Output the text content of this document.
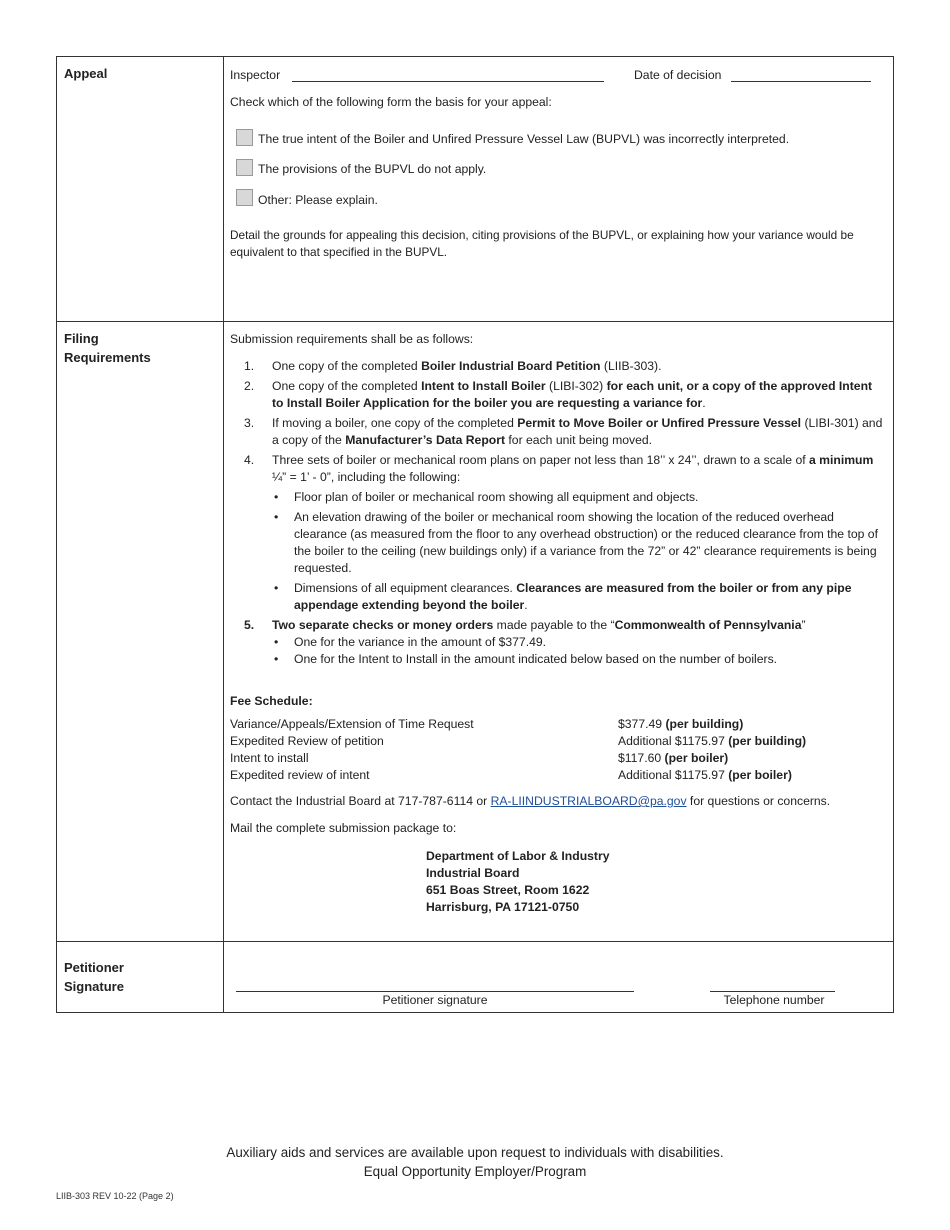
Appeal	Inspector	Date of decision
Check which of the following form the basis for your appeal:
The true intent of the Boiler and Unfired Pressure Vessel Law (BUPVL) was incorrectly interpreted.
The provisions of the BUPVL do not apply.
Other: Please explain.
Detail the grounds for appealing this decision, citing provisions of the BUPVL, or explaining how your variance would be equivalent to that specified in the BUPVL.
Filing
Requirements
Submission requirements shall be as follows:
1. One copy of the completed Boiler Industrial Board Petition (LIIB-303).
2. One copy of the completed Intent to Install Boiler (LIBI-302) for each unit, or a copy of the approved Intent to Install Boiler Application for the boiler you are requesting a variance for.
3. If moving a boiler, one copy of the completed Permit to Move Boiler or Unfired Pressure Vessel (LIBI-301) and a copy of the Manufacturer’s Data Report for each unit being moved.
4. Three sets of boiler or mechanical room plans on paper not less than 18’’ x 24’’, drawn to a scale of a minimum ¼” = 1’ - 0”, including the following:
• Floor plan of boiler or mechanical room showing all equipment and objects.
• An elevation drawing of the boiler or mechanical room showing the location of the reduced overhead clearance (as measured from the floor to any overhead obstruction) or the reduced clearance from the top of the boiler to the ceiling (new buildings only) if a variance from the 72” or 42” clearance requirements is being requested.
• Dimensions of all equipment clearances. Clearances are measured from the boiler or from any pipe appendage extending beyond the boiler.
5. Two separate checks or money orders made payable to the “Commonwealth of Pennsylvania”
• One for the variance in the amount of $377.49.
• One for the Intent to Install in the amount indicated below based on the number of boilers.
Fee Schedule:
Variance/Appeals/Extension of Time Request	$377.49 (per building)
Expedited Review of petition	Additional $1175.97 (per building)
Intent to install	$117.60 (per boiler)
Expedited review of intent	Additional $1175.97 (per boiler)
Contact the Industrial Board at 717-787-6114 or RA-LIINDUSTRIALBOARD@pa.gov for questions or concerns.
Mail the complete submission package to:
Department of Labor & Industry
Industrial Board
651 Boas Street, Room 1622
Harrisburg, PA 17121-0750
Petitioner
Signature
Petitioner signature	Telephone number
Auxiliary aids and services are available upon request to individuals with disabilities.
Equal Opportunity Employer/Program
LIIB-303 REV 10-22 (Page 2)
